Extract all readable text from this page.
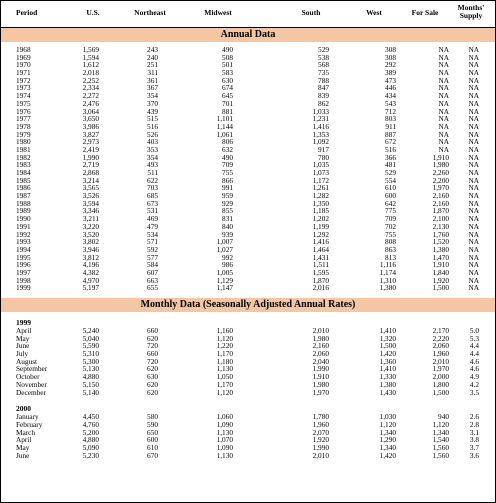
Period	U.S.	Northeast	Midwest	South	West	For Sale
Months'
Supply
Annual Data
1968	1,569	243	490	529	308	NA	NA
1969	1,594	240	508	538	308	NA	NA
1970	1,612	251	501	568	292	NA	NA
1971	2,018	311	583	735	389	NA	NA
1972	2,252	361	630	788	473	NA	NA
1973	2,334	367	674	847	446	NA	NA
1974	2,272	354	645	839	434	NA	NA
1975	2,476	370	701	862	543	NA	NA
1976	3,064	439	881	1,033	712	NA	NA
1977	3,650	515	1,101	1,231	803	NA	NA
1978	3,986	516	1,144	1,416	911	NA	NA
1979	3,827	526	1,061	1,353	887	NA	NA
1980	2,973	403	806	1,092	672	NA	NA
1981	2,419	353	632	917	516	NA	NA
1982	1,990	354	490	780	366	1,910	NA
1983	2,719	493	709	1,035	481	1,980	NA
1984	2,868	511	755	1,073	529	2,260	NA
1985	3,214	622	866	1,172	554	2,200	NA
1986	3,565	703	991	1,261	610	1,970	NA
1987	3,526	685	959	1,282	600	2,160	NA
1988	3,594	673	929	1,350	642	2,160	NA
1989	3,346	531	855	1,185	775	1,870	NA
1990	3,211	469	831	1,202	709	2,100	NA
1991	3,220	479	840	1,199	702	2,130	NA
1992	3,520	534	939	1,292	755	1,760	NA
1993	3,802	571	1,007	1,416	808	1,520	NA
1994	3,946	592	1,027	1,464	863	1,380	NA
1995	3,812	577	992	1,431	813	1,470	NA
1996	4,196	584	986	1,511	1,116	1,910	NA
1997	4,382	607	1,005	1,595	1,174	1,840	NA
1998	4,970	663	1,129	1,870	1,310	1,920	NA
1999	5,197	655	1,147	2,016	1,380	1,500	NA
Monthly Data (Seasonally Adjusted Annual Rates)
1999
April	5,240	660	1,160	2,010	1,410	2,170	5.0
May	5,040	620	1,120	1,980	1,320	2,220	5.3
June	5,590	720	1,220	2,160	1,500	2,060	4.4
July	5,310	660	1,170	2,060	1,420	1,960	4.4
August	5,300	720	1,180	2,040	1,360	2,010	4.6
September	5,130	620	1,130	1,990	1,410	1,970	4.6
October	4,880	630	1,050	1,910	1,330	2,000	4.9
November	5,150	620	1,170	1,980	1,380	1,800	4.2
December	5,140	620	1,120	1,970	1,430	1,500	3.5
2000
January	4,450	580	1,060	1,780	1,030	940	2.6
February	4,760	590	1,090	1,960	1,120	1,120	2.8
March	5,200	650	1,130	2,070	1,340	1,340	3.1
April	4,880	600	1,070	1,920	1,290	1,540	3.8
May	5,090	610	1,090	1,990	1,340	1,560	3.7
June	5,230	670	1,130	2,010	1,420	1,560	3.6
